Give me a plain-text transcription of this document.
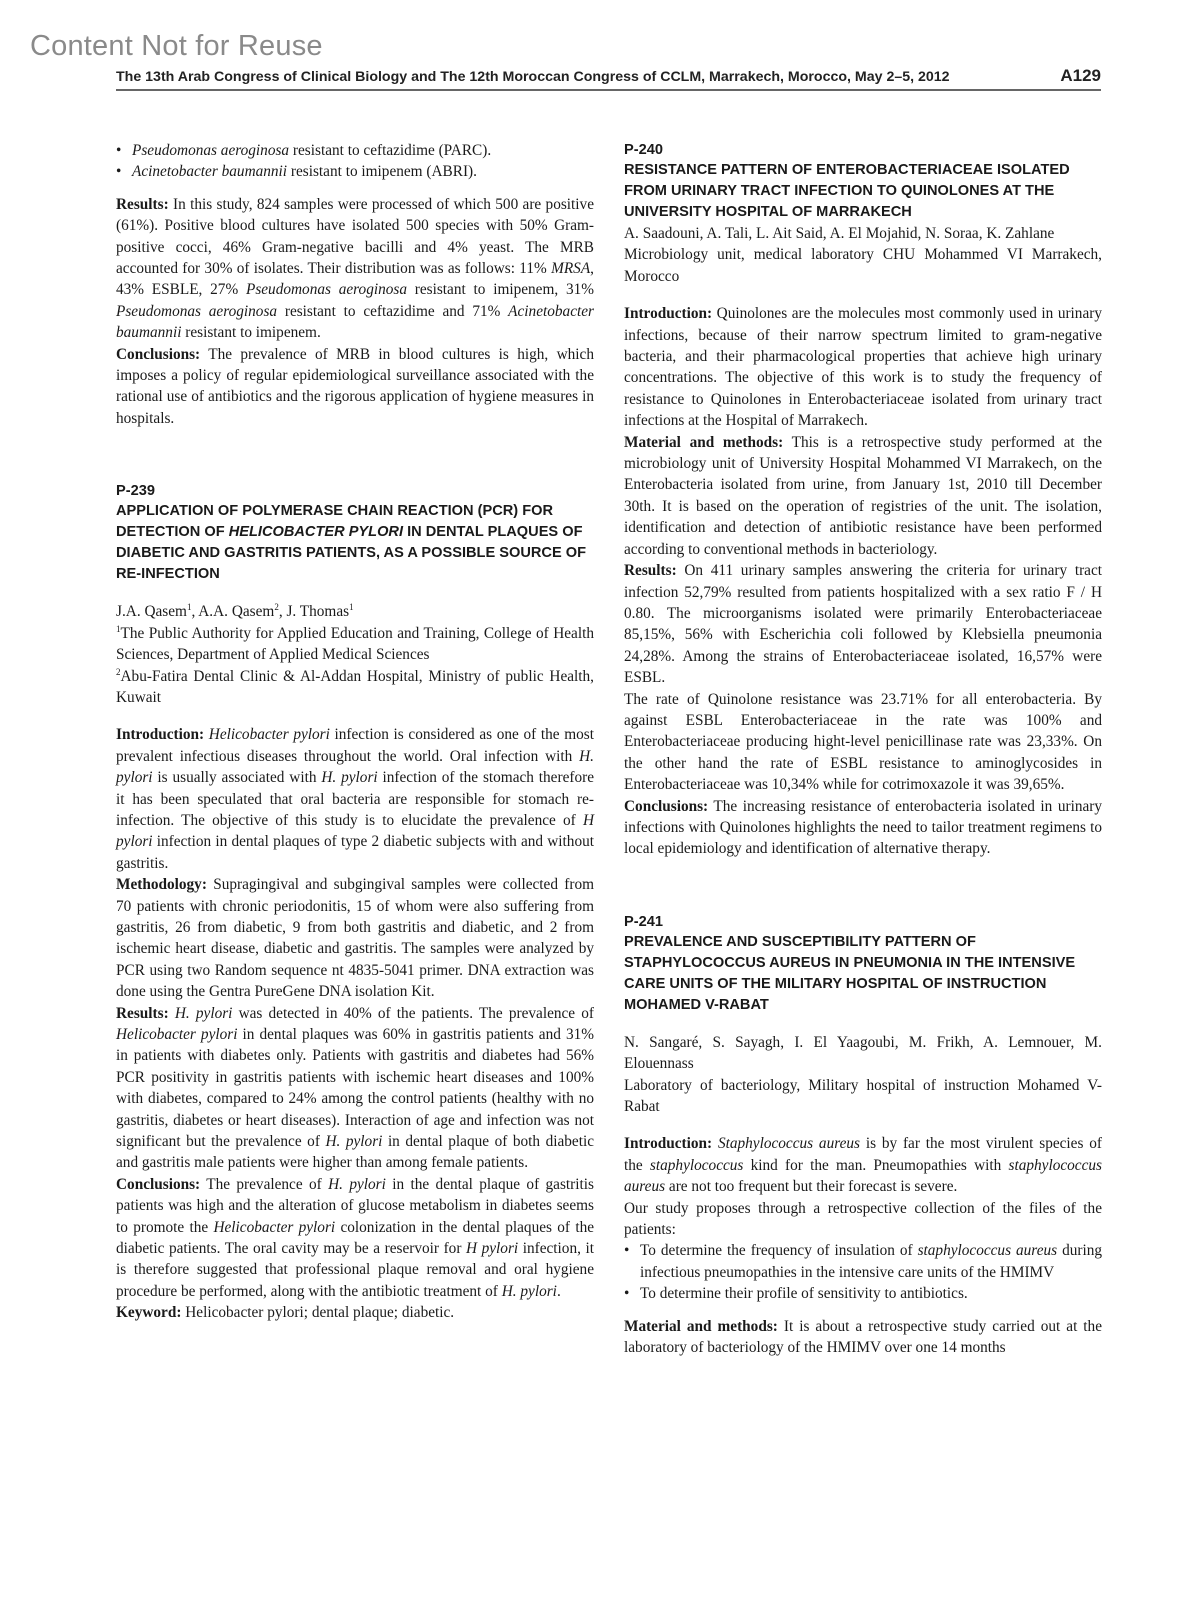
Content Not for Reuse
The 13th Arab Congress of Clinical Biology and The 12th Moroccan Congress of CCLM, Marrakech, Morocco, May 2–5, 2012	A129
• Pseudomonas aeroginosa resistant to ceftazidime (PARC).
• Acinetobacter baumannii resistant to imipenem (ABRI).

Results: In this study, 824 samples were processed of which 500 are positive (61%). Positive blood cultures have isolated 500 species with 50% Gram-positive cocci, 46% Gram-negative bacilli and 4% yeast. The MRB accounted for 30% of isolates. Their distribution was as follows: 11% MRSA, 43% ESBLE, 27% Pseudomonas aeroginosa resistant to imipenem, 31% Pseudomonas aeroginosa resistant to ceftazidime and 71% Acinetobacter baumannii resistant to imipenem.

Conclusions: The prevalence of MRB in blood cultures is high, which imposes a policy of regular epidemiological surveillance associated with the rational use of antibiotics and the rigorous application of hygiene measures in hospitals.

P-239

APPLICATION OF POLYMERASE CHAIN REACTION (PCR) FOR DETECTION OF HELICOBACTER PYLORI IN DENTAL PLAQUES OF DIABETIC AND GASTRITIS PATIENTS, AS A POSSIBLE SOURCE OF RE-INFECTION

J.A. Qasem$^1$, A.A. Qasem$^2$, J. Thomas$^1$

$^1$The Public Authority for Applied Education and Training, College of Health Sciences, Department of Applied Medical Sciences

$^2$Abu-Fatira Dental Clinic & Al-Addan Hospital, Ministry of public Health, Kuwait

Introduction: Helicobacter pylori infection is considered as one of the most prevalent infectious diseases throughout the world. Oral infection with H. pylori is usually associated with H. pylori infection of the stomach therefore it has been speculated that oral bacteria are responsible for stomach re-infection. The objective of this study is to elucidate the prevalence of H pylori infection in dental plaques of type 2 diabetic subjects with and without gastritis.

Methodology: Supragingival and subgingival samples were collected from 70 patients with chronic periodonitis, 15 of whom were also suffering from gastritis, 26 from diabetic, 9 from both gastritis and diabetic, and 2 from ischemic heart disease, diabetic and gastritis. The samples were analyzed by PCR using two Random sequence nt 4835-5041 primer. DNA extraction was done using the Gentra PureGene DNA isolation Kit.

Results: H. pylori was detected in 40% of the patients. The prevalence of Helicobacter pylori in dental plaques was 60% in gastritis patients and 31% in patients with diabetes only. Patients with gastritis and diabetes had 56% PCR positivity in gastritis patients with ischemic heart diseases and 100% with diabetes, compared to 24% among the control patients (healthy with no gastritis, diabetes or heart diseases). Interaction of age and infection was not significant but the prevalence of H. pylori in dental plaque of both diabetic and gastritis male patients were higher than among female patients.

Conclusions: The prevalence of H. pylori in the dental plaque of gastritis patients was high and the alteration of glucose metabolism in diabetes seems to promote the Helicobacter pylori colonization in the dental plaques of the diabetic patients. The oral cavity may be a reservoir for H pylori infection, it is therefore suggested that professional plaque removal and oral hygiene procedure be performed, along with the antibiotic treatment of H. pylori.

Keyword: Helicobacter pylori; dental plaque; diabetic.

P-240

RESISTANCE PATTERN OF ENTEROBACTERIACEAE ISOLATED FROM URINARY TRACT INFECTION TO QUINOLONES AT THE UNIVERSITY HOSPITAL OF MARRAKECH

A. Saadouni, A. Tali, L. Ait Said, A. El Mojahid, N. Soraa, K. Zahlane

Microbiology unit, medical laboratory CHU Mohammed VI Marrakech, Morocco

Introduction: Quinolones are the molecules most commonly used in urinary infections, because of their narrow spectrum limited to gram-negative bacteria, and their pharmacological properties that achieve high urinary concentrations. The objective of this work is to study the frequency of resistance to Quinolones in Enterobacteriaceae isolated from urinary tract infections at the Hospital of Marrakech.

Material and methods: This is a retrospective study performed at the microbiology unit of University Hospital Mohammed VI Marrakech, on the Enterobacteria isolated from urine, from January 1st, 2010 till December 30th. It is based on the operation of registries of the unit. The isolation, identification and detection of antibiotic resistance have been performed according to conventional methods in bacteriology.

Results: On 411 urinary samples answering the criteria for urinary tract infection 52,79% resulted from patients hospitalized with a sex ratio F / H 0.80. The microorganisms isolated were primarily Enterobacteriaceae 85,15%, 56% with Escherichia coli followed by Klebsiella pneumonia 24,28%. Among the strains of Enterobacteriaceae isolated, 16,57% were ESBL.

The rate of Quinolone resistance was 23.71% for all enterobacteria. By against ESBL Enterobacteriaceae in the rate was 100% and Enterobacteriaceae producing hight-level penicillinase rate was 23,33%. On the other hand the rate of ESBL resistance to aminoglycosides in Enterobacteriaceae was 10,34% while for cotrimoxazole it was 39,65%.

Conclusions: The increasing resistance of enterobacteria isolated in urinary infections with Quinolones highlights the need to tailor treatment regimens to local epidemiology and identification of alternative therapy.

P-241

PREVALENCE AND SUSCEPTIBILITY PATTERN OF STAPHYLOCOCCUS AUREUS IN PNEUMONIA IN THE INTENSIVE CARE UNITS OF THE MILITARY HOSPITAL OF INSTRUCTION MOHAMED V-RABAT

N. Sangaré, S. Sayagh, I. El Yaagoubi, M. Frikh, A. Lemnouer, M. Elouennass

Laboratory of bacteriology, Military hospital of instruction Mohamed V-Rabat

Introduction: Staphylococcus aureus is by far the most virulent species of the staphylococcus kind for the man. Pneumopathies with staphylococcus aureus are not too frequent but their forecast is severe.

Our study proposes through a retrospective collection of the files of the patients:

• To determine the frequency of insulation of staphylococcus aureus during infectious pneumopathies in the intensive care units of the HMIMV
• To determine their profile of sensitivity to antibiotics.

Material and methods: It is about a retrospective study carried out at the laboratory of bacteriology of the HMIMV over one 14 months
